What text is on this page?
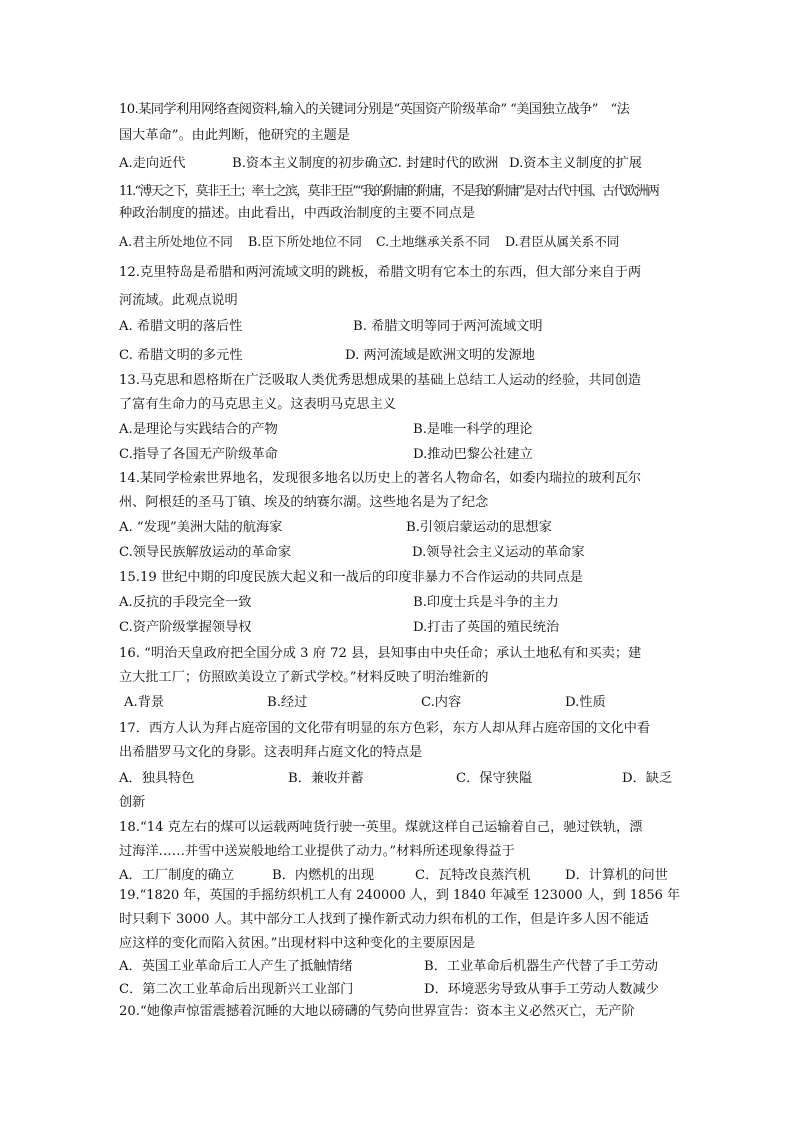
10.某同学利用网络查阅资料,输入的关键词分别是“英国资产阶级革命” “美国独立战争”　“法
国大革命”。由此判断，他研究的主题是
A.走向近代	B.资本主义制度的初步确立
C. 封建时代的欧洲 D.资本主义制度的扩展
11.“溥天之下，莫非王土；率土之滨，莫非王臣”“我的附庸的附庸，不是我的附庸”是对古代中国、古代欧洲两
种政治制度的描述。由此看出，中西政治制度的主要不同点是
A.君主所处地位不同 B.臣下所处地位不同 C.土地继承关系不同 D.君臣从属关系不同
12.克里特岛是希腊和两河流域文明的跳板，希腊文明有它本土的东西，但大部分来自于两
河流域。此观点说明
A. 希腊文明的落后性	B. 希腊文明等同于两河流域文明
C. 希腊文明的多元性	D. 两河流域是欧洲文明的发源地
13.马克思和恩格斯在广泛吸取人类优秀思想成果的基础上总结工人运动的经验，共同创造
了富有生命力的马克思主义。这表明马克思主义
A.是理论与实践结合的产物	B.是唯一科学的理论
C.指导了各国无产阶级革命	D.推动巴黎公社建立
14.某同学检索世界地名，发现很多地名以历史上的著名人物命名，如委内瑞拉的玻利瓦尔
州、阿根廷的圣马丁镇、埃及的纳赛尔湖。这些地名是为了纪念
A. “发现”美洲大陆的航海家	B.引领启蒙运动的思想家
C.领导民族解放运动的革命家	D.领导社会主义运动的革命家
15.19 世纪中期的印度民族大起义和一战后的印度非暴力不合作运动的共同点是
A.反抗的手段完全一致	B.印度士兵是斗争的主力
C.资产阶级掌握领导权	D.打击了英国的殖民统治
16. “明治天皇政府把全国分成 3 府 72 县，县知事由中央任命；承认土地私有和买卖；建
立大批工厂；仿照欧美设立了新式学校。”材料反映了明治维新的
A.背景	B.经过	C.内容	D.性质
17．西方人认为拜占庭帝国的文化带有明显的东方色彩，东方人却从拜占庭帝国的文化中看
出希腊罗马文化的身影。这表明拜占庭文化的特点是
A．独具特色	B．兼收并蓄	C．保守狭隘	D．缺乏
创新
18.“14 克左右的煤可以运载两吨货行驶一英里。煤就这样自己运输着自己，驰过铁轨，漂
过海洋……并雪中送炭般地给工业提供了动力。”材料所述现象得益于
A．工厂制度的确立	B．内燃机的出现	C．瓦特改良蒸汽机	D．计算机的问世
19.“1820 年，英国的手摇纺织机工人有 240000 人，到 1840 年减至 123000 人，到 1856 年
时只剩下 3000 人。其中部分工人找到了操作新式动力织布机的工作，但是许多人因不能适
应这样的变化而陷入贫困。”出现材料中这种变化的主要原因是
A．英国工业革命后工人产生了抵触情绪	B．工业革命后机器生产代替了手工劳动
C．第二次工业革命后出现新兴工业部门	D．环境恶劣导致从事手工劳动人数减少
20.“她像声惊雷震撼着沉睡的大地以磅礴的气势向世界宣告：资本主义必然灭亡，无产阶
